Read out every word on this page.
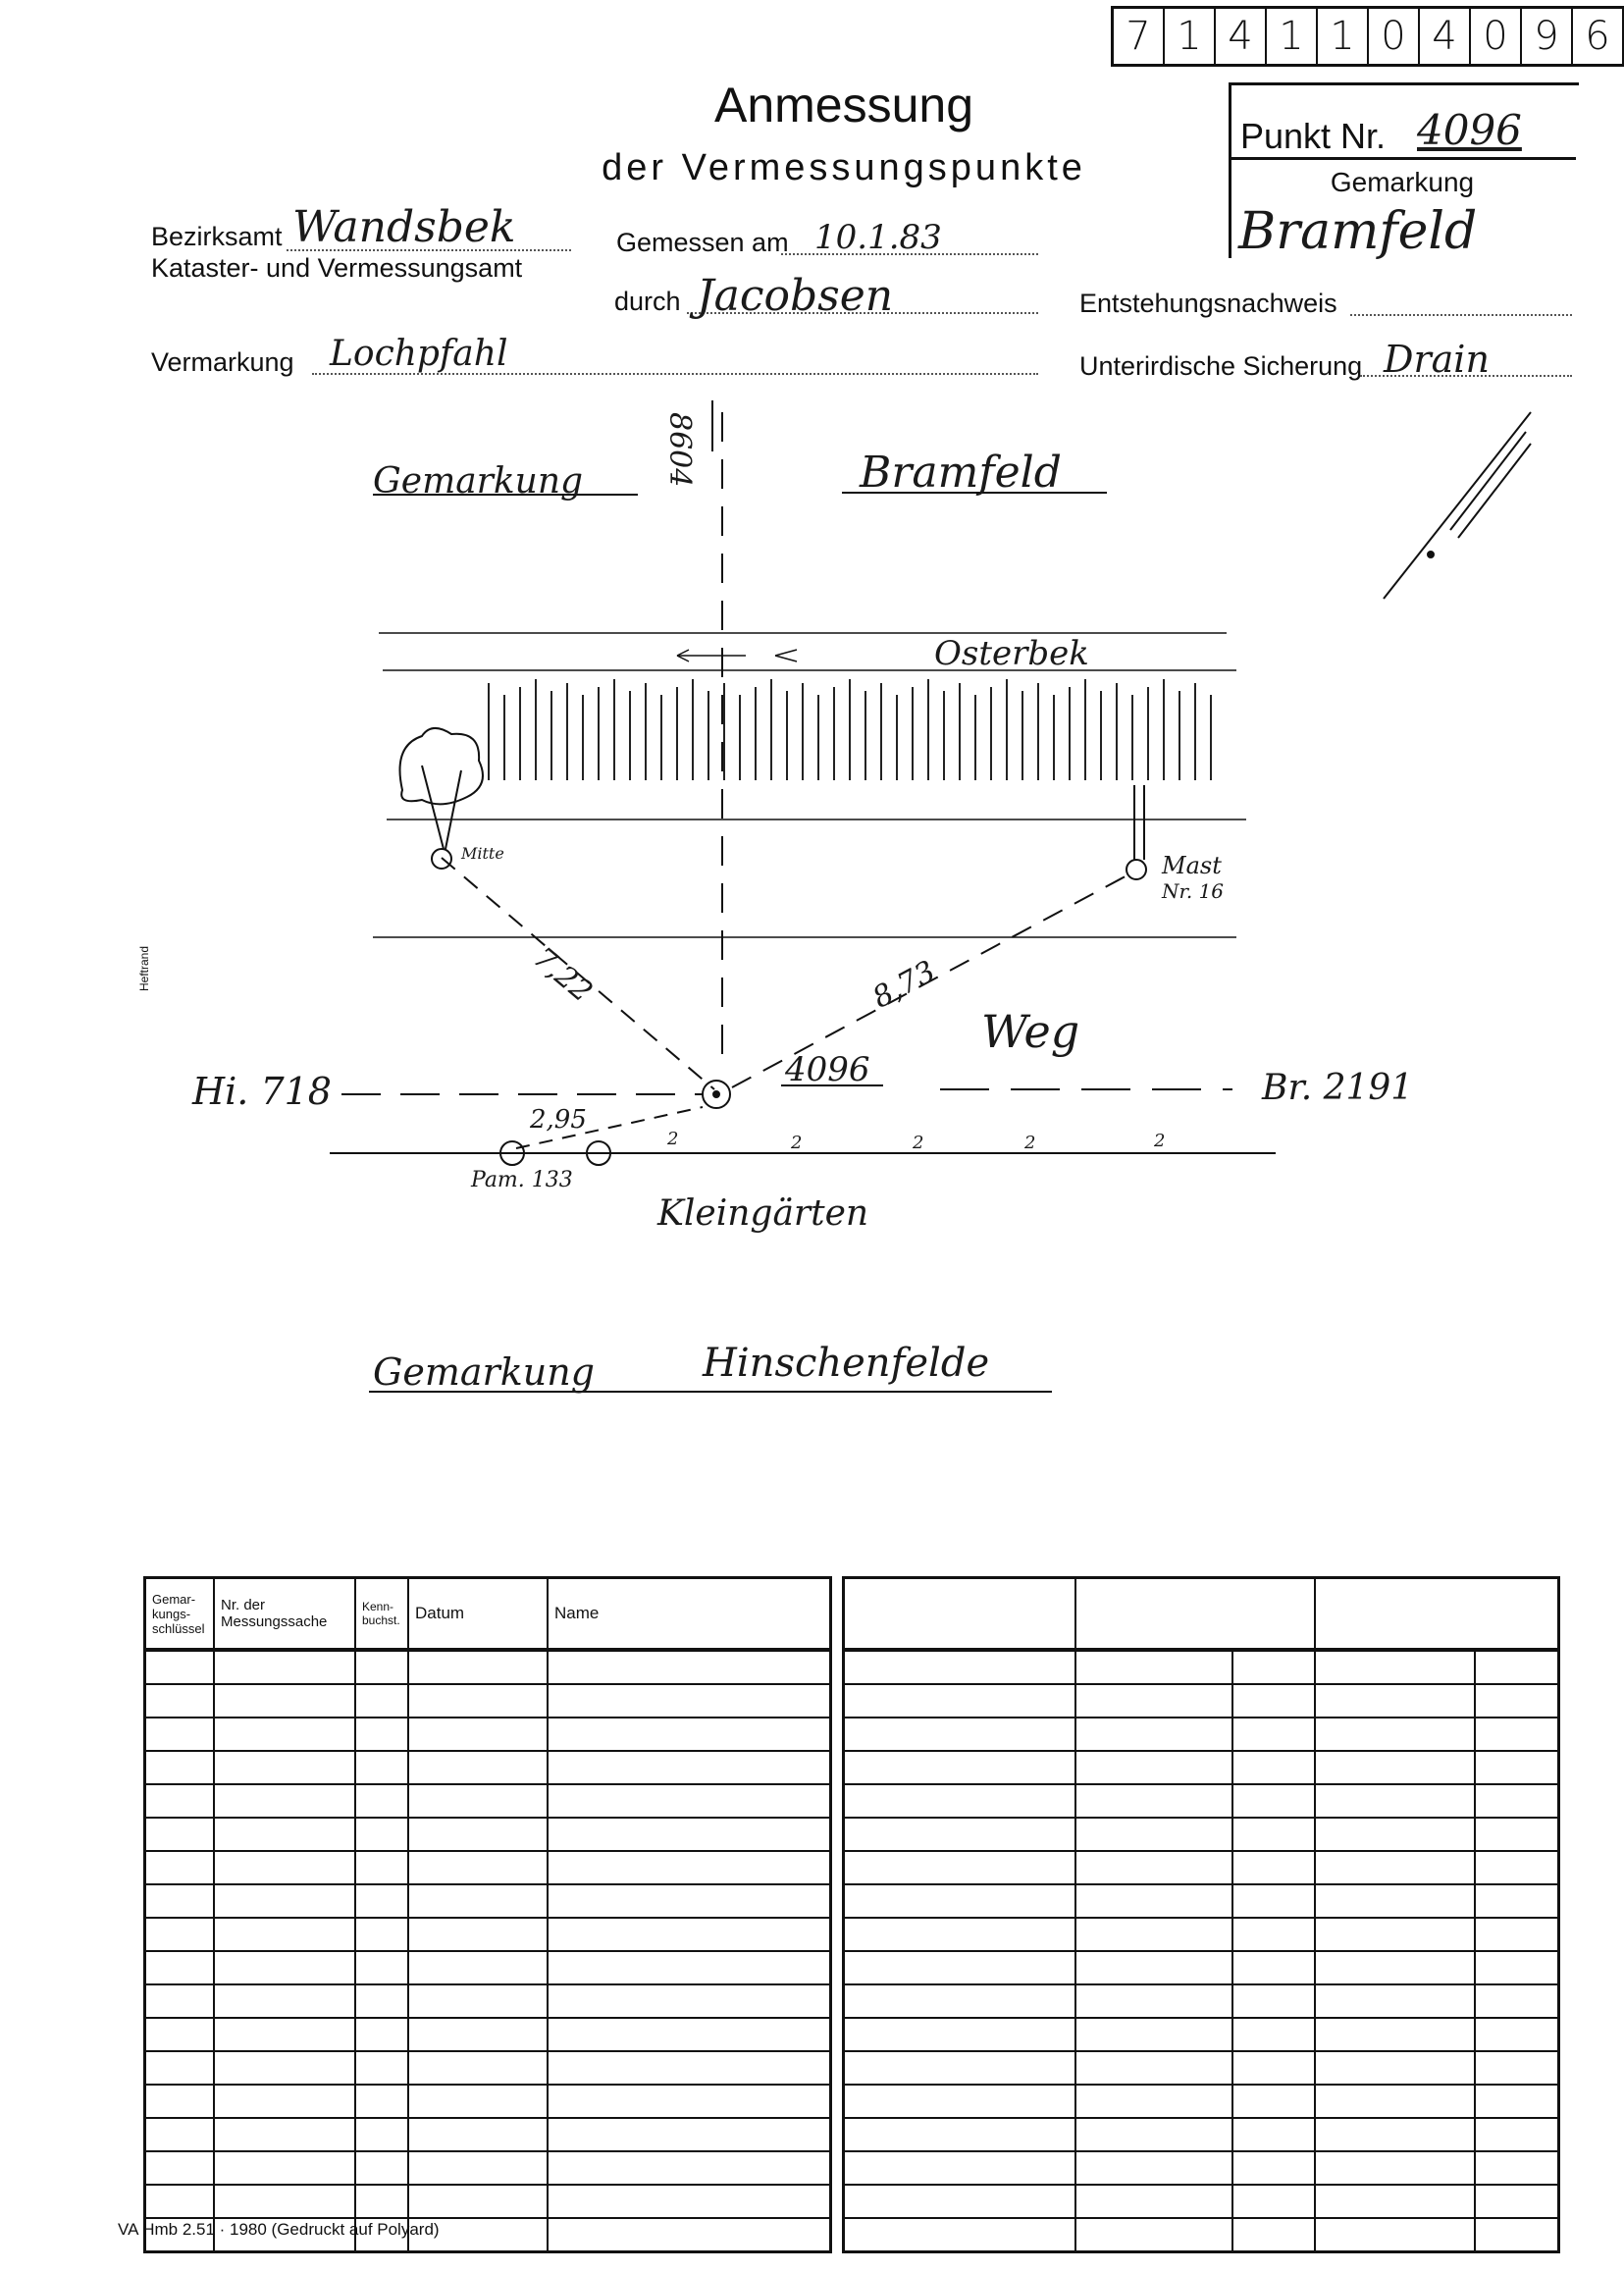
7 1 4 1 1 0 4 0 9 6
Anmessung
der Vermessungspunkte
Punkt Nr. 4096
Gemarkung
Bramfeld
Bezirksamt Wandsbek
Kataster- und Vermessungsamt
Gemessen am 10.1.83
durch Jacobsen	Entstehungsnachweis
Vermarkung Lochpfahl	Unterirdische Sicherung Drain
Gemarkung	Bramfeld
8604
Osterbek
Mitte	Mast
Nr. 16
7,22	8,73
Weg
4096
Hi. 718	Br. 2191
2,95
Pam. 133
2	2	2	2	2
Kleingärten
Gemarkung	Hinschenfelde
Heftrand
Gemar-kungs-schlüssel	Nr. der Messungssache	Kenn-buchst.	Datum	Name

VA Hmb 2.51 · 1980 (Gedruckt auf Polyard)
